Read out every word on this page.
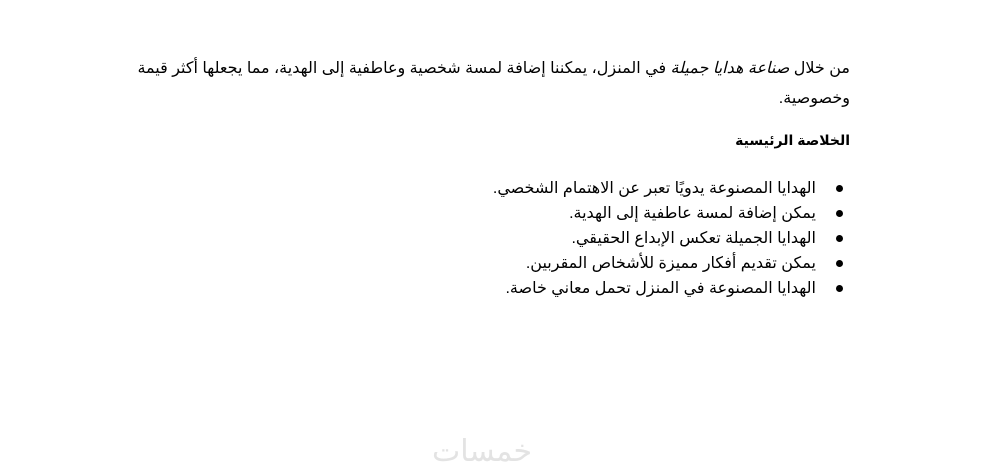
من خلال صناعة هدايا جميلة في المنزل، يمكننا إضافة لمسة شخصية وعاطفية إلى الهدية، مما يجعلها أكثر قيمة وخصوصية.

الخلاصة الرئيسية
الهدايا المصنوعة يدويًا تعبر عن الاهتمام الشخصي.
يمكن إضافة لمسة عاطفية إلى الهدية.
الهدايا الجميلة تعكس الإبداع الحقيقي.
يمكن تقديم أفكار مميزة للأشخاص المقربين.
الهدايا المصنوعة في المنزل تحمل معاني خاصة.
خمسات
